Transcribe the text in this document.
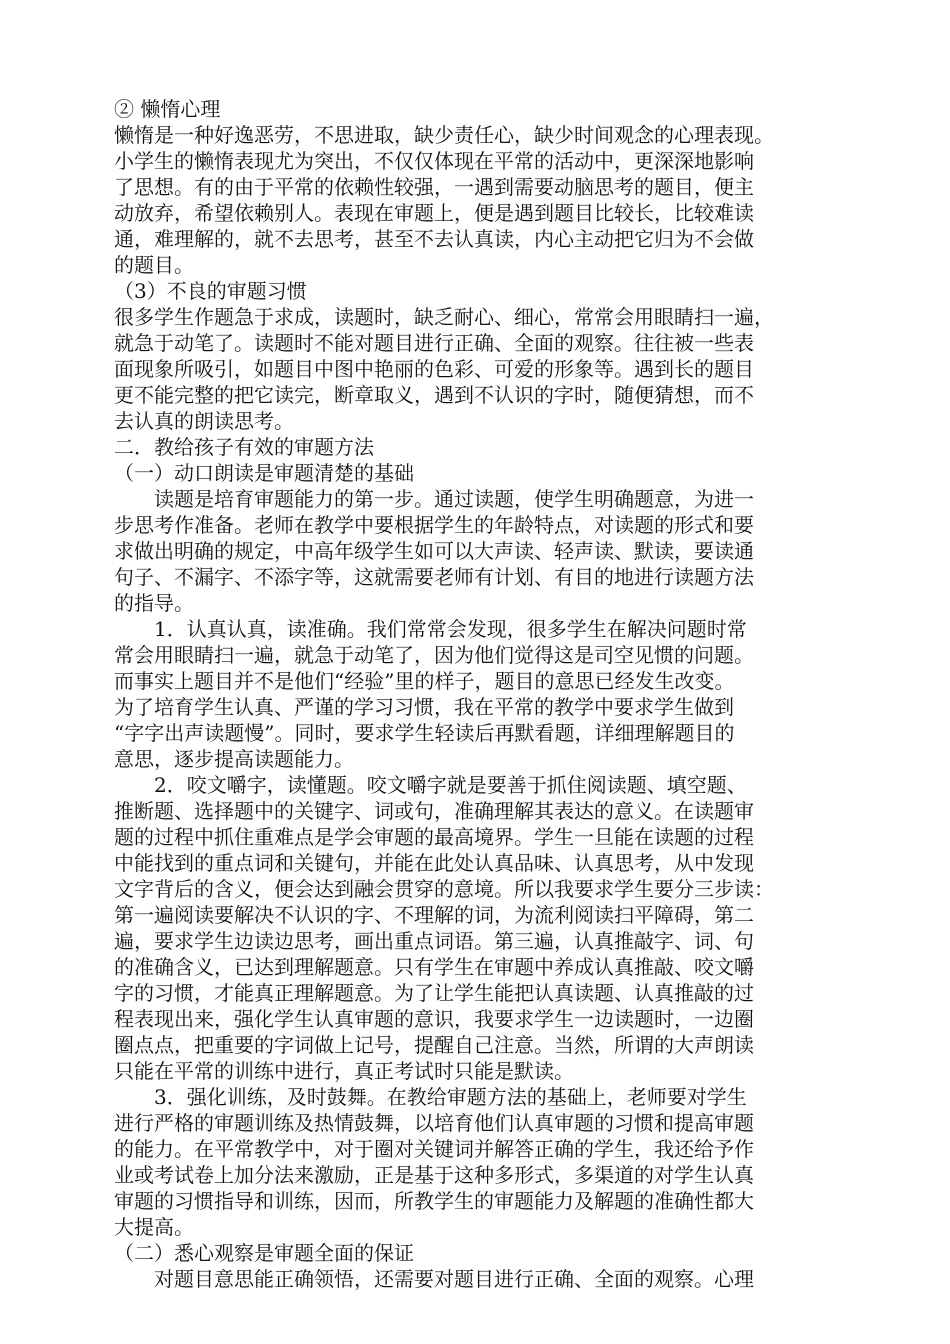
② 懒惰心理
懒惰是一种好逸恶劳，不思进取，缺少责任心，缺少时间观念的心理表现。
小学生的懒惰表现尤为突出，不仅仅体现在平常的活动中，更深深地影响
了思想。有的由于平常的依赖性较强，一遇到需要动脑思考的题目，便主
动放弃，希望依赖别人。表现在审题上，便是遇到题目比较长，比较难读
通，难理解的，就不去思考，甚至不去认真读，内心主动把它归为不会做
的题目。
（3）不良的审题习惯
很多学生作题急于求成，读题时，缺乏耐心、细心，常常会用眼睛扫一遍，
就急于动笔了。读题时不能对题目进行正确、全面的观察。往往被一些表
面现象所吸引，如题目中图中艳丽的色彩、可爱的形象等。遇到长的题目
更不能完整的把它读完，断章取义，遇到不认识的字时，随便猜想，而不
去认真的朗读思考。
二．教给孩子有效的审题方法
（一）动口朗读是审题清楚的基础
读题是培育审题能力的第一步。通过读题，使学生明确题意，为进一
步思考作准备。老师在教学中要根据学生的年龄特点，对读题的形式和要
求做出明确的规定，中高年级学生如可以大声读、轻声读、默读，要读通
句子、不漏字、不添字等，这就需要老师有计划、有目的地进行读题方法
的指导。
1．认真认真，读准确。我们常常会发现，很多学生在解决问题时常
常会用眼睛扫一遍，就急于动笔了，因为他们觉得这是司空见惯的问题。
而事实上题目并不是他们“经验”里的样子，题目的意思已经发生改变。
为了培育学生认真、严谨的学习习惯，我在平常的教学中要求学生做到
“字字出声读题慢”。同时，要求学生轻读后再默看题，详细理解题目的
意思，逐步提高读题能力。
2．咬文嚼字，读懂题。咬文嚼字就是要善于抓住阅读题、填空题、
推断题、选择题中的关键字、词或句，准确理解其表达的意义。在读题审
题的过程中抓住重难点是学会审题的最高境界。学生一旦能在读题的过程
中能找到的重点词和关键句，并能在此处认真品味、认真思考，从中发现
文字背后的含义，便会达到融会贯穿的意境。所以我要求学生要分三步读：
第一遍阅读要解决不认识的字、不理解的词，为流利阅读扫平障碍，第二
遍，要求学生边读边思考，画出重点词语。第三遍，认真推敲字、词、句
的准确含义，已达到理解题意。只有学生在审题中养成认真推敲、咬文嚼
字的习惯，才能真正理解题意。为了让学生能把认真读题、认真推敲的过
程表现出来，强化学生认真审题的意识，我要求学生一边读题时，一边圈
圈点点，把重要的字词做上记号，提醒自己注意。当然，所谓的大声朗读
只能在平常的训练中进行，真正考试时只能是默读。
3．强化训练，及时鼓舞。在教给审题方法的基础上，老师要对学生
进行严格的审题训练及热情鼓舞，以培育他们认真审题的习惯和提高审题
的能力。在平常教学中，对于圈对关键词并解答正确的学生，我还给予作
业或考试卷上加分法来激励，正是基于这种多形式，多渠道的对学生认真
审题的习惯指导和训练，因而，所教学生的审题能力及解题的准确性都大
大提高。
（二）悉心观察是审题全面的保证
对题目意思能正确领悟，还需要对题目进行正确、全面的观察。心理
